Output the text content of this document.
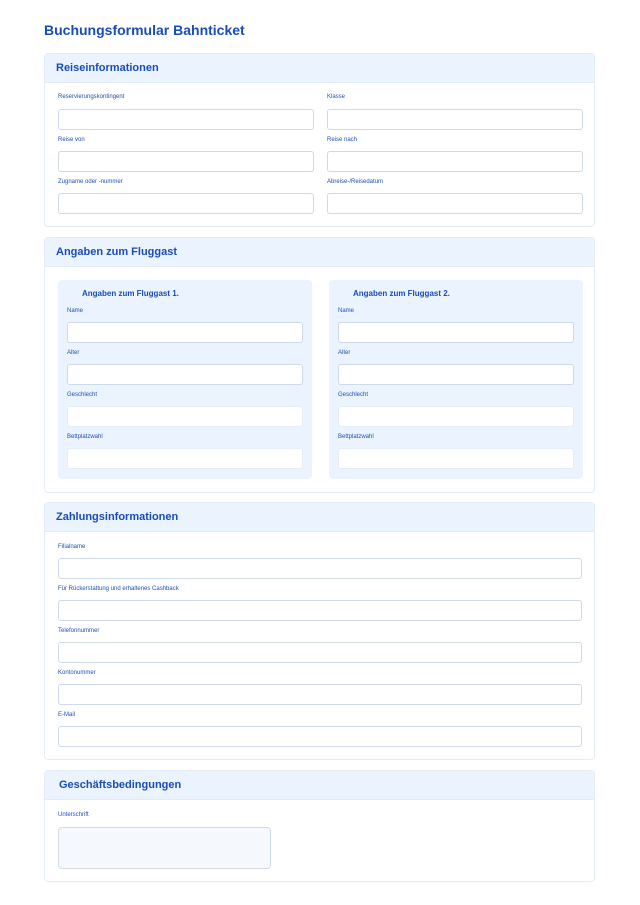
Buchungsformular Bahnticket
Reiseinformationen
Reservierungskontingent	Klasse
Reise von	Reise nach
Zugname oder -nummer	Abreise-/Reisedatum
Angaben zum Fluggast
Angaben zum Fluggast 1.
Name
Alter
Geschlecht
Bettplatzwahl
Angaben zum Fluggast 2.
Name
Alter
Geschlecht
Bettplatzwahl
Zahlungsinformationen
Filialname
Für Rückerstattung und erhaltenes Cashback
Telefonnummer
Kontonummer
E-Mail
Geschäftsbedingungen
Unterschrift
